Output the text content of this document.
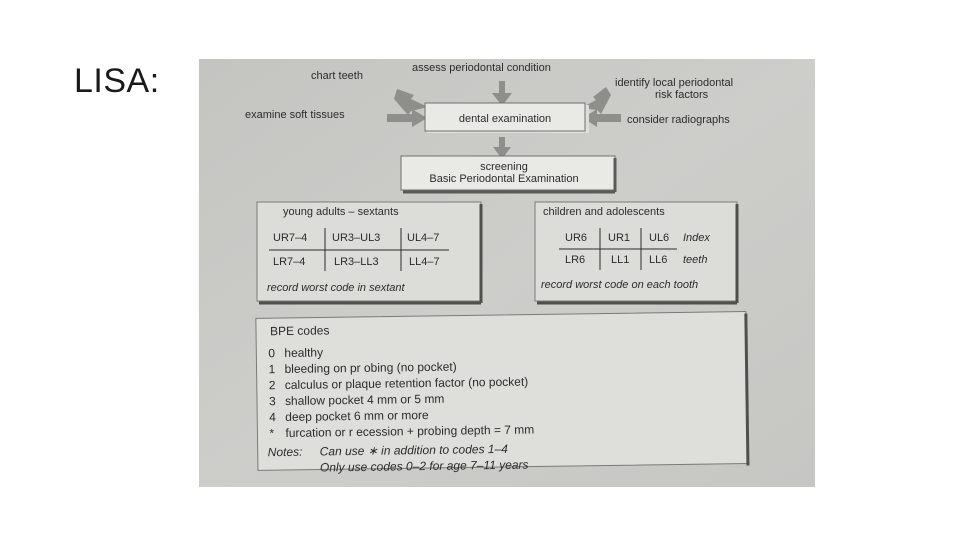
LISA:	chart teeth
assess periodontal condition
identify local periodontal
risk factors
examine soft tissues	consider radiographs
dental examination
screening
Basic Periodontal Examination
young adults – sextants
UR7–4 UR3–UL3 UL4–7
LR7–4	LR3–LL3	LL4–7
record worst code in sextant
children and adolescents
UR6 UR1 UL6 Index
LR6 LL1 LL6 teeth
record worst code on each tooth
BPE codes
0 healthy
1 bleeding on pr obing (no pocket)
2 calculus or plaque retention factor (no pocket)
3 shallow pocket 4 mm or 5 mm
4 deep pocket 6 mm or more
* furcation or r ecession + probing depth = 7 mm
Notes: Can use ∗ in addition to codes 1–4
Only use codes 0–2 for age 7–11 years
